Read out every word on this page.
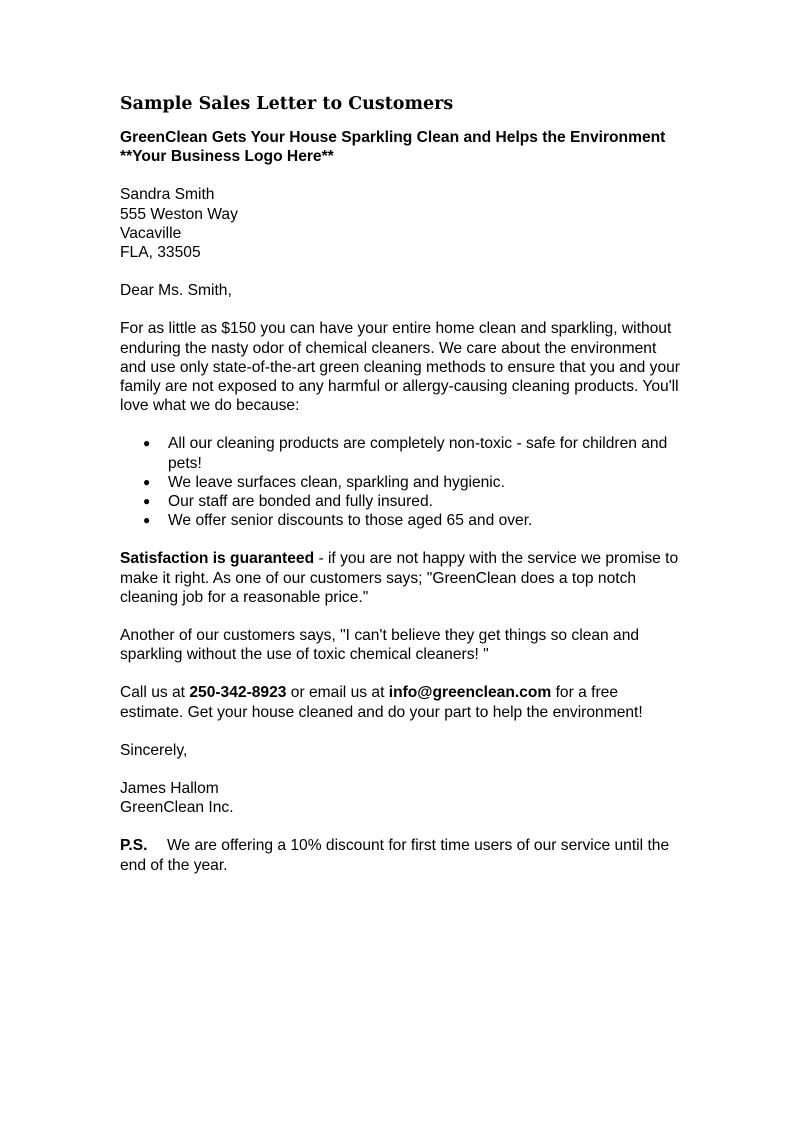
Sample Sales Letter to Customers
GreenClean Gets Your House Sparkling Clean and Helps the Environment
**Your Business Logo Here**
Sandra Smith
555 Weston Way
Vacaville
FLA, 33505

Dear Ms. Smith,

For as little as $150 you can have your entire home clean and sparkling, without enduring the nasty odor of chemical cleaners. We care about the environment and use only state-of-the-art green cleaning methods to ensure that you and your family are not exposed to any harmful or allergy-causing cleaning products. You'll love what we do because:

● All our cleaning products are completely non-toxic - safe for children and pets!
● We leave surfaces clean, sparkling and hygienic.
● Our staff are bonded and fully insured.
● We offer senior discounts to those aged 65 and over.

Satisfaction is guaranteed - if you are not happy with the service we promise to make it right. As one of our customers says; "GreenClean does a top notch cleaning job for a reasonable price."

Another of our customers says, "I can't believe they get things so clean and sparkling without the use of toxic chemical cleaners! "

Call us at 250-342-8923 or email us at info@greenclean.com for a free estimate. Get your house cleaned and do your part to help the environment!

Sincerely,

James Hallom
GreenClean Inc.

P.S. We are offering a 10% discount for first time users of our service until the end of the year.
